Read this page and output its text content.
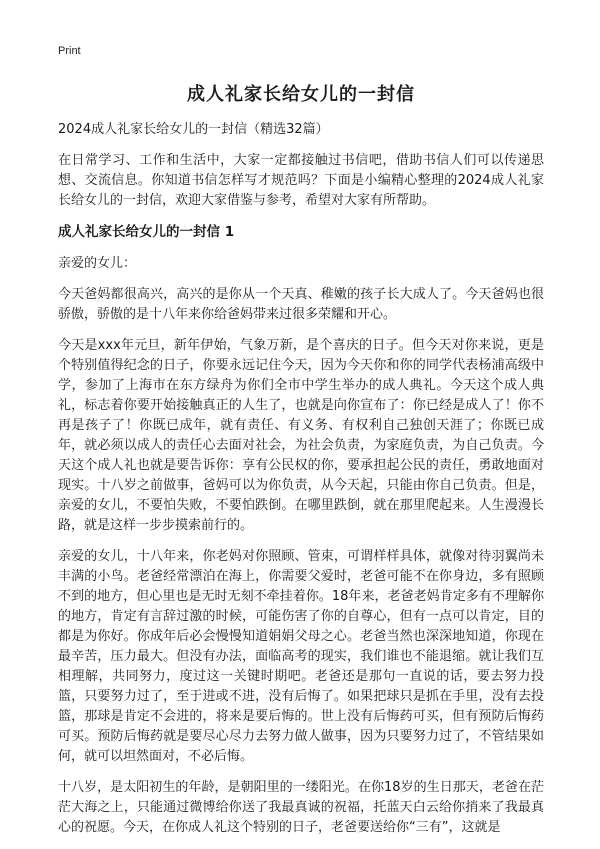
Print
成人礼家长给女儿的一封信

2024成人礼家长给女儿的一封信（精选32篇）

在日常学习、工作和生活中，大家一定都接触过书信吧，借助书信人们可以传递思想、交流信息。你知道书信怎样写才规范吗？下面是小编精心整理的2024成人礼家长给女儿的一封信，欢迎大家借鉴与参考，希望对大家有所帮助。

成人礼家长给女儿的一封信 1

亲爱的女儿：

今天爸妈都很高兴，高兴的是你从一个天真、稚嫩的孩子长大成人了。今天爸妈也很骄傲，骄傲的是十八年来你给爸妈带来过很多荣耀和开心。

今天是xxx年元旦，新年伊始，气象万新，是个喜庆的日子。但今天对你来说，更是个特别值得纪念的日子，你要永远记住今天，因为今天你和你的同学代表杨浦高级中学，参加了上海市在东方绿舟为你们全市中学生举办的成人典礼。今天这个成人典礼，标志着你要开始接触真正的人生了，也就是向你宣布了：你已经是成人了！你不再是孩子了！你既已成年，就有责任、有义务、有权利自己独创天涯了；你既已成年，就必须以成人的责任心去面对社会，为社会负责，为家庭负责，为自己负责。今天这个成人礼也就是要告诉你：享有公民权的你，要承担起公民的责任，勇敢地面对现实。十八岁之前做事，爸妈可以为你负责，从今天起，只能由你自己负责。但是，亲爱的女儿，不要怕失败，不要怕跌倒。在哪里跌倒，就在那里爬起来。人生漫漫长路，就是这样一步步摸索前行的。

亲爱的女儿，十八年来，你老妈对你照顾、管束，可谓样样具体，就像对待羽翼尚未丰满的小鸟。老爸经常漂泊在海上，你需要父爱时，老爸可能不在你身边，多有照顾不到的地方，但心里也是无时无刻不牵挂着你。18年来，老爸老妈肯定多有不理解你的地方，肯定有言辞过激的时候，可能伤害了你的自尊心，但有一点可以肯定，目的都是为你好。你成年后必会慢慢知道娟娟父母之心。老爸当然也深深地知道，你现在最辛苦，压力最大。但没有办法，面临高考的现实，我们谁也不能退缩。就让我们互相理解，共同努力，度过这一关键时期吧。老爸还是那句一直说的话，要去努力投篮，只要努力过了，至于进或不进，没有后悔了。如果把球只是抓在手里，没有去投篮，那球是肯定不会进的，将来是要后悔的。世上没有后悔药可买，但有预防后悔药可买。预防后悔药就是要尽心尽力去努力做人做事，因为只要努力过了，不管结果如何，就可以坦然面对，不必后悔。

十八岁，是太阳初生的年龄，是朝阳里的一缕阳光。在你18岁的生日那天，老爸在茫茫大海之上，只能通过微博给你送了我最真诚的祝福，托蓝天白云给你捎来了我最真心的祝愿。今天，在你成人礼这个特别的日子，老爸要送给你“三有”，这就是
